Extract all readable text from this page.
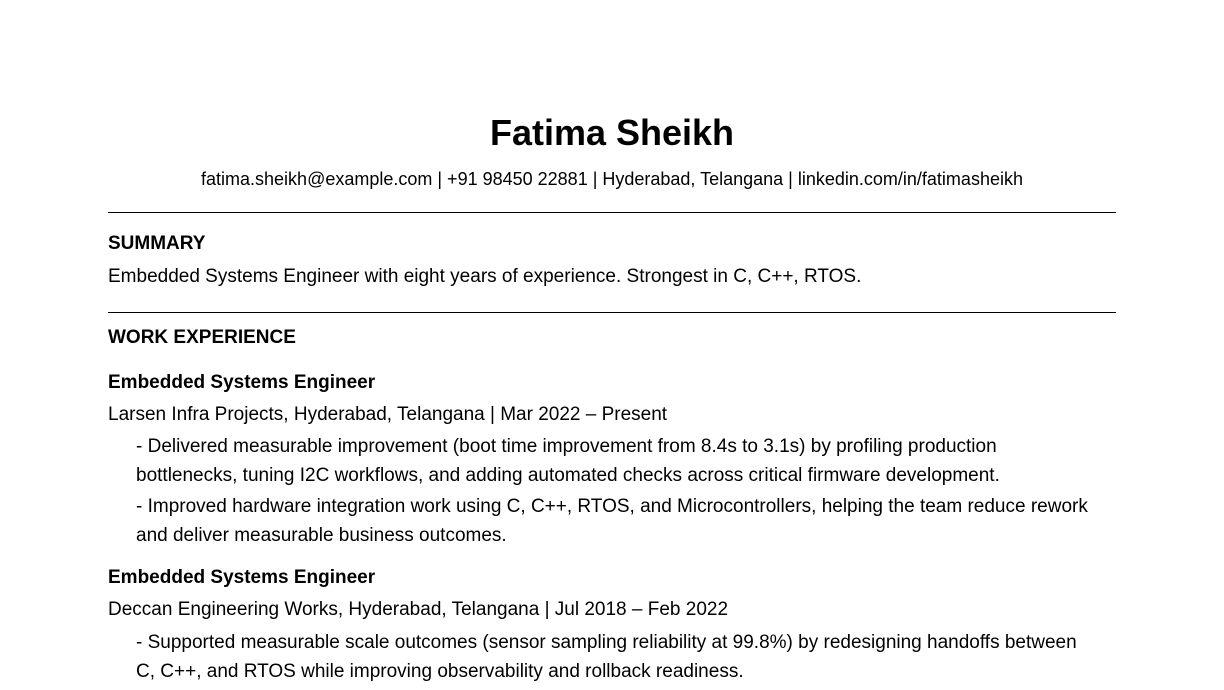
Fatima Sheikh
fatima.sheikh@example.com | +91 98450 22881 | Hyderabad, Telangana | linkedin.com/in/fatimasheikh
SUMMARY
Embedded Systems Engineer with eight years of experience. Strongest in C, C++, RTOS.
WORK EXPERIENCE
Embedded Systems Engineer
Larsen Infra Projects, Hyderabad, Telangana | Mar 2022 – Present
- Delivered measurable improvement (boot time improvement from 8.4s to 3.1s) by profiling production bottlenecks, tuning I2C workflows, and adding automated checks across critical firmware development.
- Improved hardware integration work using C, C++, RTOS, and Microcontrollers, helping the team reduce rework and deliver measurable business outcomes.
Embedded Systems Engineer
Deccan Engineering Works, Hyderabad, Telangana | Jul 2018 – Feb 2022
- Supported measurable scale outcomes (sensor sampling reliability at 99.8%) by redesigning handoffs between C, C++, and RTOS while improving observability and rollback readiness.
